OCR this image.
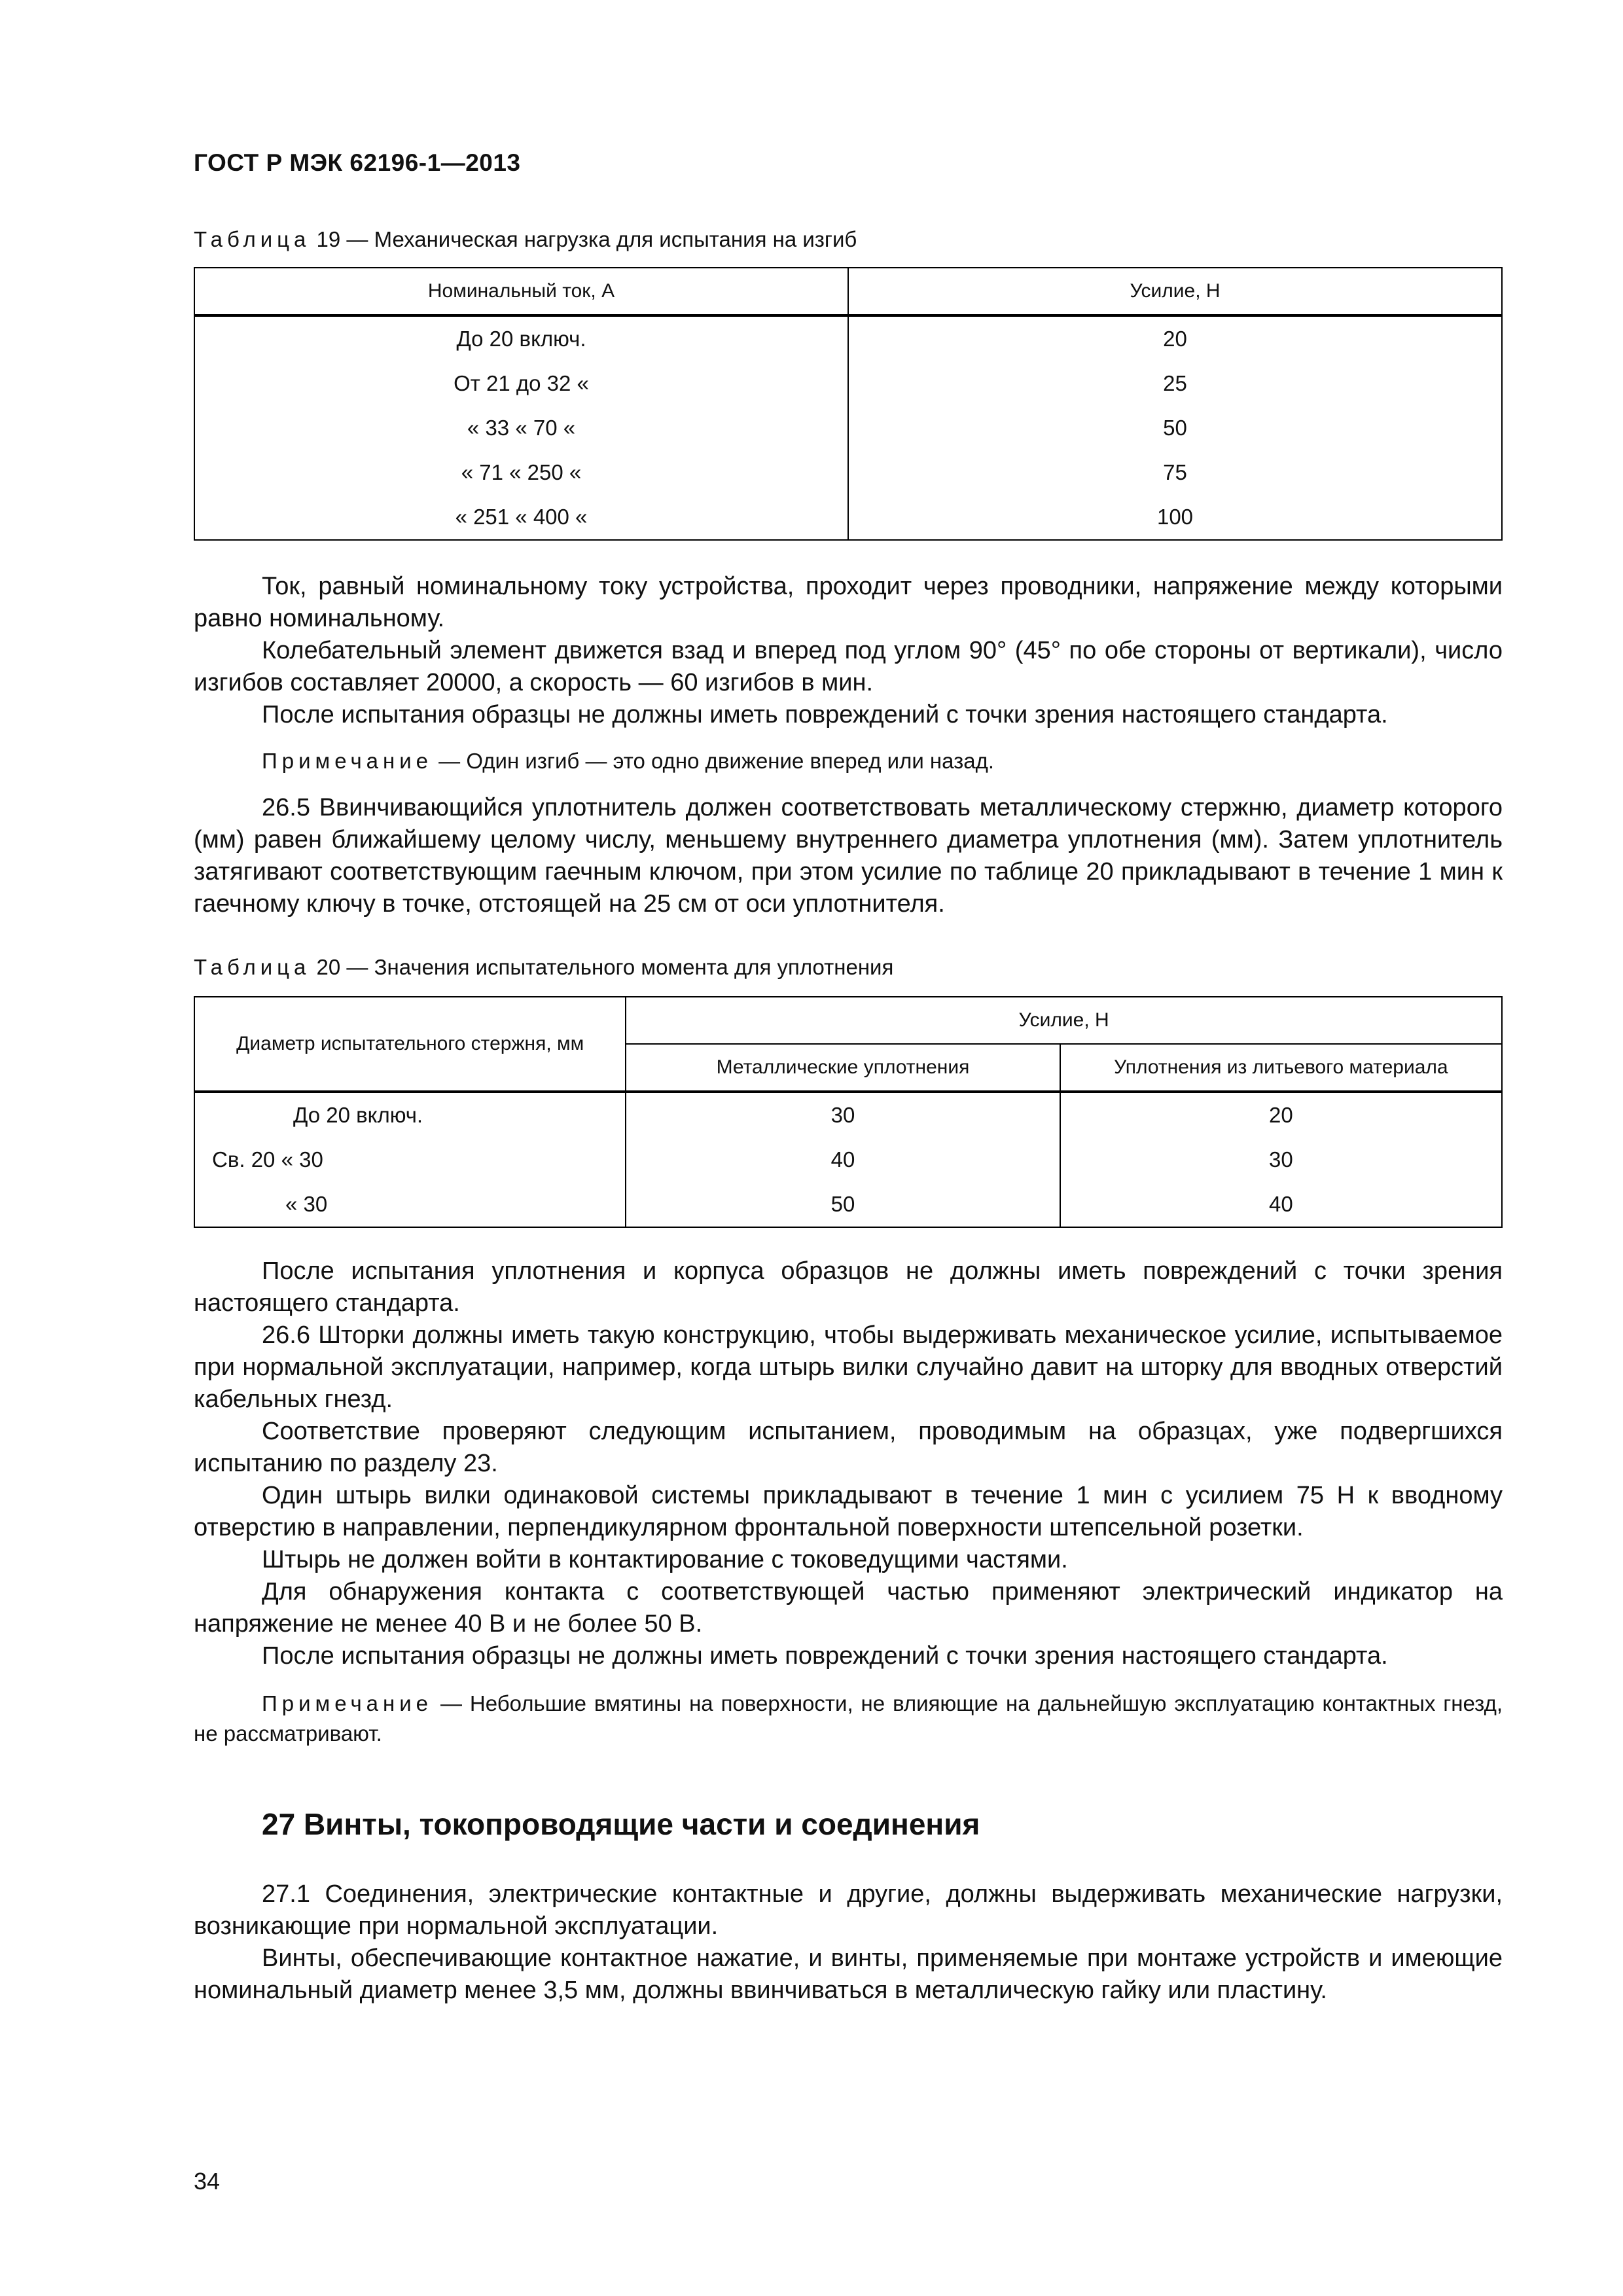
ГОСТ Р МЭК 62196-1—2013
Таблица 19 — Механическая нагрузка для испытания на изгиб
Номинальный ток, А	Усилие, Н
До 20 включ.	20
От 21 до 32 «	25
« 33 « 70 «	50
« 71 « 250 «	75
« 251 « 400 «	100
Ток, равный номинальному току устройства, проходит через проводники, напряжение между которыми равно номинальному.
Колебательный элемент движется взад и вперед под углом 90° (45° по обе стороны от вертикали), число изгибов составляет 20000, а скорость — 60 изгибов в мин.
После испытания образцы не должны иметь повреждений с точки зрения настоящего стандарта.
Примечание — Один изгиб — это одно движение вперед или назад.
26.5 Ввинчивающийся уплотнитель должен соответствовать металлическому стержню, диаметр которого (мм) равен ближайшему целому числу, меньшему внутреннего диаметра уплотнения (мм). Затем уплотнитель затягивают соответствующим гаечным ключом, при этом усилие по таблице 20 прикладывают в течение 1 мин к гаечному ключу в точке, отстоящей на 25 см от оси уплотнителя.
Таблица 20 — Значения испытательного момента для уплотнения
Диаметр испытательного стержня, мм	Усилие, Н	
	Металлические уплотнения	Уплотнения из литьевого материала
До 20 включ.	30	20
Св. 20 « 30	40	30
« 30	50	40
После испытания уплотнения и корпуса образцов не должны иметь повреждений с точки зрения настоящего стандарта.
26.6 Шторки должны иметь такую конструкцию, чтобы выдерживать механическое усилие, испытываемое при нормальной эксплуатации, например, когда штырь вилки случайно давит на шторку для вводных отверстий кабельных гнезд.
Соответствие проверяют следующим испытанием, проводимым на образцах, уже подвергшихся испытанию по разделу 23.
Один штырь вилки одинаковой системы прикладывают в течение 1 мин с усилием 75 Н к вводному отверстию в направлении, перпендикулярном фронтальной поверхности штепсельной розетки.
Штырь не должен войти в контактирование с токоведущими частями.
Для обнаружения контакта с соответствующей частью применяют электрический индикатор на напряжение не менее 40 В и не более 50 В.
После испытания образцы не должны иметь повреждений с точки зрения настоящего стандарта.
Примечание — Небольшие вмятины на поверхности, не влияющие на дальнейшую эксплуатацию контактных гнезд, не рассматривают.
27 Винты, токопроводящие части и соединения
27.1 Соединения, электрические контактные и другие, должны выдерживать механические нагрузки, возникающие при нормальной эксплуатации.
Винты, обеспечивающие контактное нажатие, и винты, применяемые при монтаже устройств и имеющие номинальный диаметр менее 3,5 мм, должны ввинчиваться в металлическую гайку или пластину.
34
